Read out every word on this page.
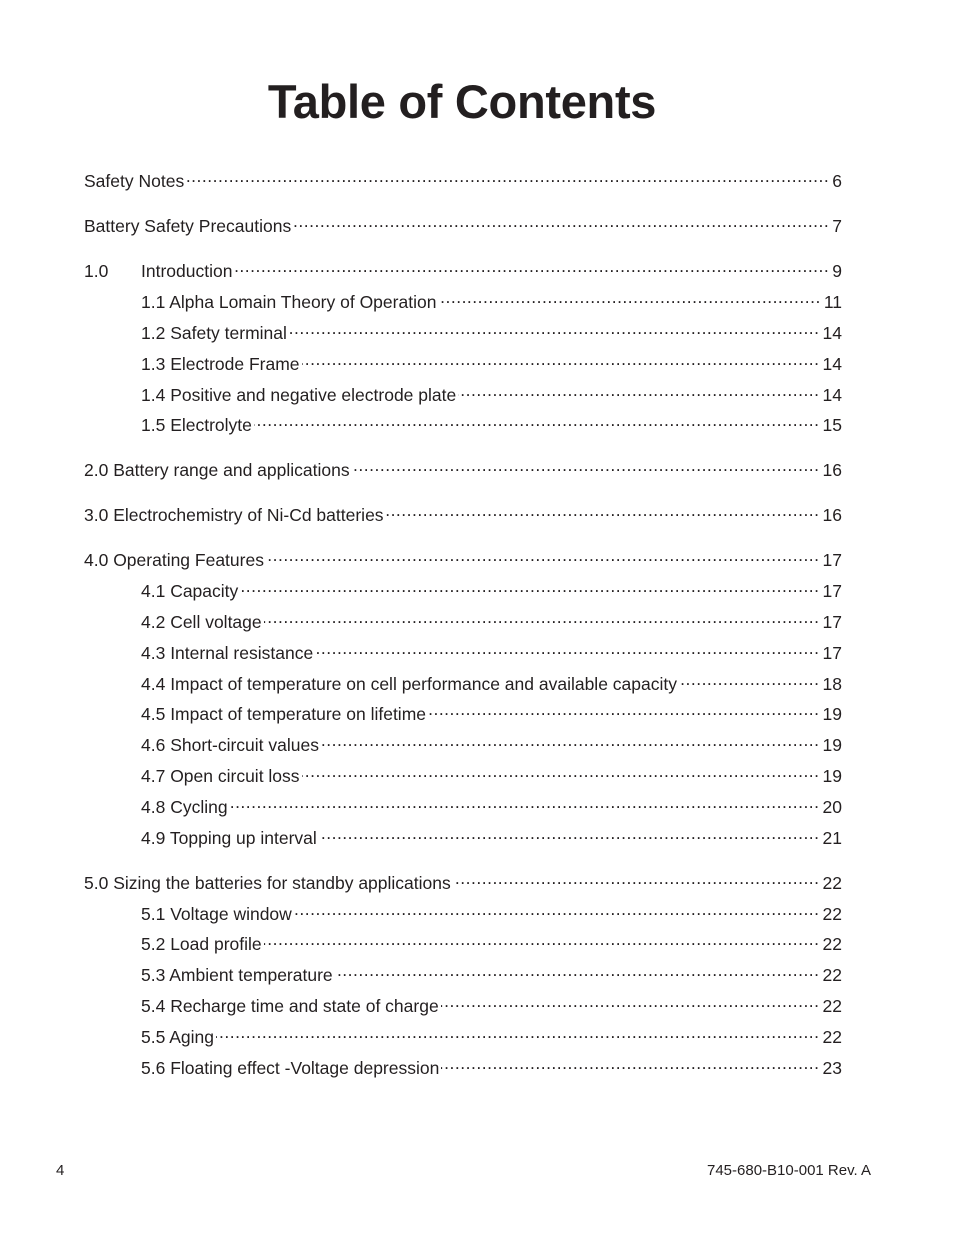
Table of Contents
Safety Notes .....	6
Battery Safety Precautions .....	7
1.0	Introduction .....	9
1.1 Alpha Lomain Theory of Operation .....	11
1.2 Safety terminal .....	14
1.3 Electrode Frame .....	14
1.4 Positive and negative electrode plate .....	14
1.5 Electrolyte .....	15
2.0 Battery range and applications .....	16
3.0 Electrochemistry of Ni-Cd batteries .....	16
4.0 Operating Features .....	17
4.1 Capacity .....	17
4.2 Cell voltage .....	17
4.3 Internal resistance .....	17
4.4 Impact of temperature on cell performance and available capacity .....	18
4.5 Impact of temperature on lifetime .....	19
4.6 Short-circuit values .....	19
4.7 Open circuit loss .....	19
4.8 Cycling .....	20
4.9 Topping up interval .....	21
5.0 Sizing the batteries for standby applications .....	22
5.1 Voltage window .....	22
5.2 Load profile .....	22
5.3 Ambient temperature .....	22
5.4 Recharge time and state of charge .....	22
5.5 Aging .....	22
5.6 Floating effect -Voltage depression .....	23
4	745-680-B10-001 Rev. A
